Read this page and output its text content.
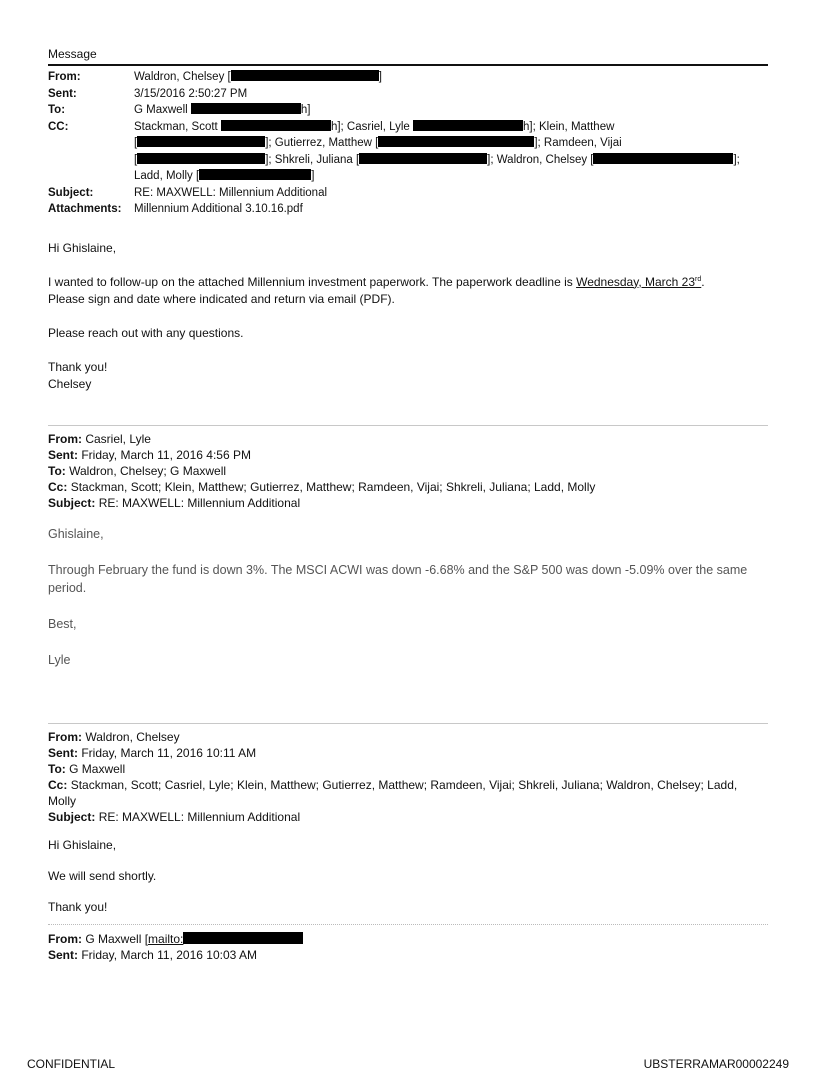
Message
From:	Waldron, Chelsey [	]
Sent:	3/15/2016 2:50:27 PM
To:	G Maxwell	h]
CC:	Stackman, Scott	h]; Casriel, Lyle	h]; Klein, Matthew
[	]; Gutierrez, Matthew [	]; Ramdeen, Vijai
[	]; Shkreli, Juliana [	]; Waldron, Chelsey [	];
Ladd, Molly [	]
Subject:	RE: MAXWELL: Millennium Additional
Attachments:	Millennium Additional 3.10.16.pdf

Hi Ghislaine,

I wanted to follow-up on the attached Millennium investment paperwork. The paperwork deadline is Wednesday, March 23rd.
Please sign and date where indicated and return via email (PDF).

Please reach out with any questions.

Thank you!

Chelsey

From: Casriel, Lyle
Sent: Friday, March 11, 2016 4:56 PM
To: Waldron, Chelsey; G Maxwell
Cc: Stackman, Scott; Klein, Matthew; Gutierrez, Matthew; Ramdeen, Vijai; Shkreli, Juliana; Ladd, Molly
Subject: RE: MAXWELL: Millennium Additional

Ghislaine,

Through February the fund is down 3%. The MSCI ACWI was down -6.68% and the S&P 500 was down -5.09% over the same period.

Best,

Lyle

From: Waldron, Chelsey
Sent: Friday, March 11, 2016 10:11 AM
To: G Maxwell
Cc: Stackman, Scott; Casriel, Lyle; Klein, Matthew; Gutierrez, Matthew; Ramdeen, Vijai; Shkreli, Juliana; Waldron, Chelsey; Ladd, Molly
Subject: RE: MAXWELL: Millennium Additional

Hi Ghislaine,

We will send shortly.

Thank you!

From: G Maxwell [mailto:
Sent: Friday, March 11, 2016 10:03 AM
CONFIDENTIAL	UBSTERRAMAR00002249
